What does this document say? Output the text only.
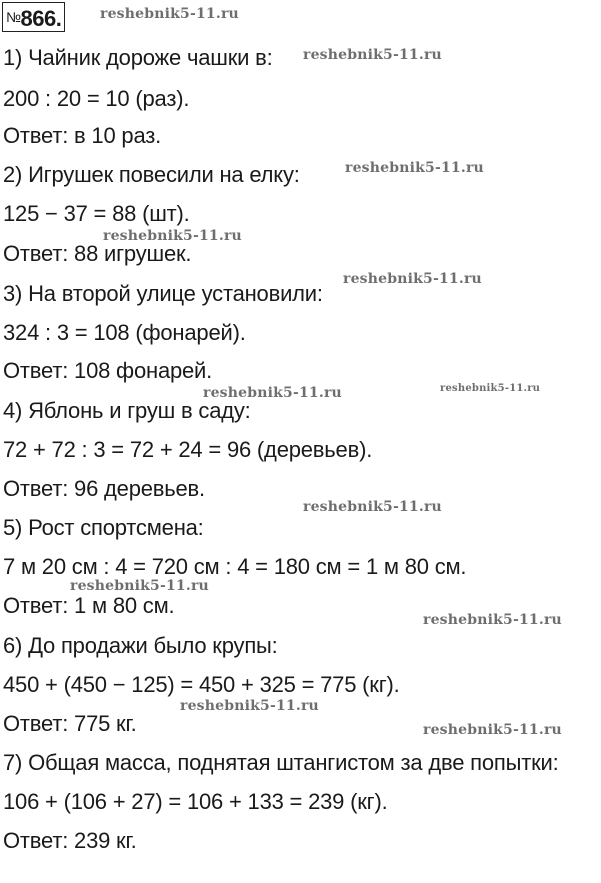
№866.
1) Чайник дороже чашки в:
200 : 20 = 10 (раз).
Ответ: в 10 раз.
2) Игрушек повесили на елку:
125 − 37 = 88 (шт).
Ответ: 88 игрушек.
3) На второй улице установили:
324 : 3 = 108 (фонарей).
Ответ: 108 фонарей.
4) Яблонь и груш в саду:
72 + 72 : 3 = 72 + 24 = 96 (деревьев).
Ответ: 96 деревьев.
5) Рост спортсмена:
7 м 20 см : 4 = 720 см : 4 = 180 см = 1 м 80 см.
Ответ: 1 м 80 см.
6) До продажи было крупы:
450 + (450 − 125) = 450 + 325 = 775 (кг).
Ответ: 775 кг.
7) Общая масса, поднятая штангистом за две попытки:
106 + (106 + 27) = 106 + 133 = 239 (кг).
Ответ: 239 кг.
reshebnik5-11.ru
reshebnik5-11.ru
reshebnik5-11.ru
reshebnik5-11.ru
reshebnik5-11.ru
reshebnik5-11.ru	reshebnik5-11.ru
reshebnik5-11.ru
reshebnik5-11.ru
reshebnik5-11.ru
reshebnik5-11.ru
reshebnik5-11.ru
